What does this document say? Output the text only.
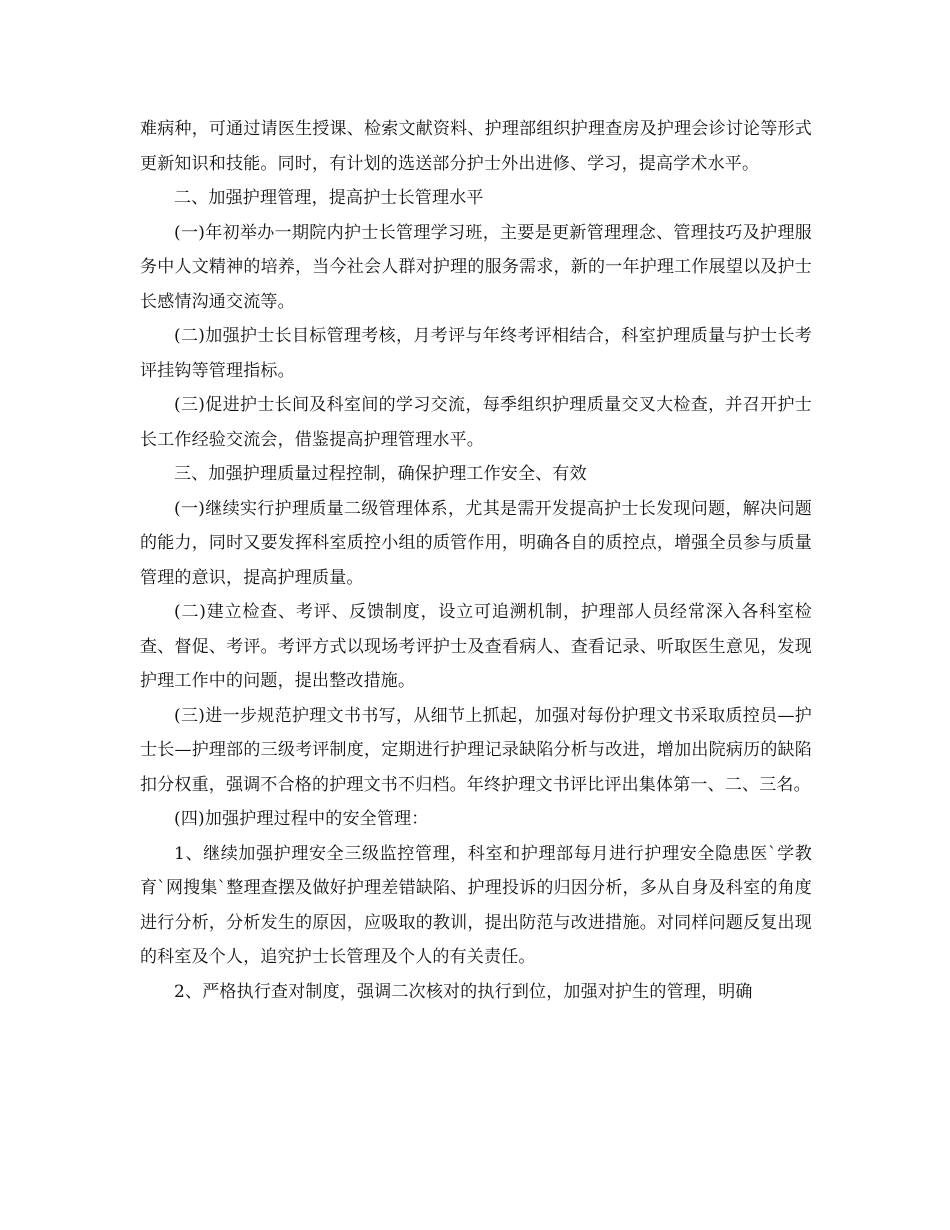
难病种，可通过请医生授课、检索文献资料、护理部组织护理查房及护理会诊讨论等形式更新知识和技能。同时，有计划的选送部分护士外出进修、学习，提高学术水平。

二、加强护理管理，提高护士长管理水平

(一)年初举办一期院内护士长管理学习班，主要是更新管理理念、管理技巧及护理服务中人文精神的培养，当今社会人群对护理的服务需求，新的一年护理工作展望以及护士长感情沟通交流等。

(二)加强护士长目标管理考核，月考评与年终考评相结合，科室护理质量与护士长考评挂钩等管理指标。

(三)促进护士长间及科室间的学习交流，每季组织护理质量交叉大检查，并召开护士长工作经验交流会，借鉴提高护理管理水平。

三、加强护理质量过程控制，确保护理工作安全、有效

(一)继续实行护理质量二级管理体系，尤其是需开发提高护士长发现问题，解决问题的能力，同时又要发挥科室质控小组的质管作用，明确各自的质控点，增强全员参与质量管理的意识，提高护理质量。

(二)建立检查、考评、反馈制度，设立可追溯机制，护理部人员经常深入各科室检查、督促、考评。考评方式以现场考评护士及查看病人、查看记录、听取医生意见，发现护理工作中的问题，提出整改措施。

(三)进一步规范护理文书书写，从细节上抓起，加强对每份护理文书采取质控员—护士长—护理部的三级考评制度，定期进行护理记录缺陷分析与改进，增加出院病历的缺陷扣分权重，强调不合格的护理文书不归档。年终护理文书评比评出集体第一、二、三名。

(四)加强护理过程中的安全管理：

1、继续加强护理安全三级监控管理，科室和护理部每月进行护理安全隐患医`学教育`网搜集`整理查摆及做好护理差错缺陷、护理投诉的归因分析，多从自身及科室的角度进行分析，分析发生的原因，应吸取的教训，提出防范与改进措施。对同样问题反复出现的科室及个人，追究护士长管理及个人的有关责任。

2、严格执行查对制度，强调二次核对的执行到位，加强对护生的管理，明确
